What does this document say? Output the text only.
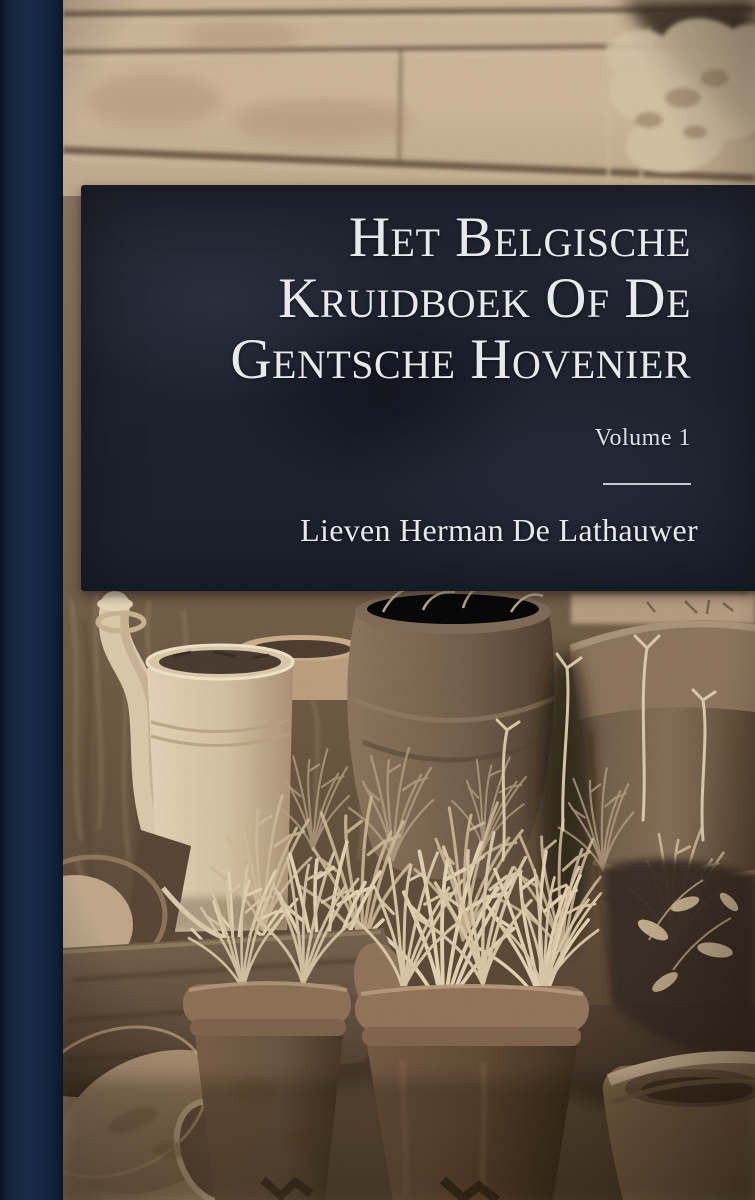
Het Belgische
Kruidboek Of De
Gentsche Hovenier
Volume 1
Lieven Herman De Lathauwer
